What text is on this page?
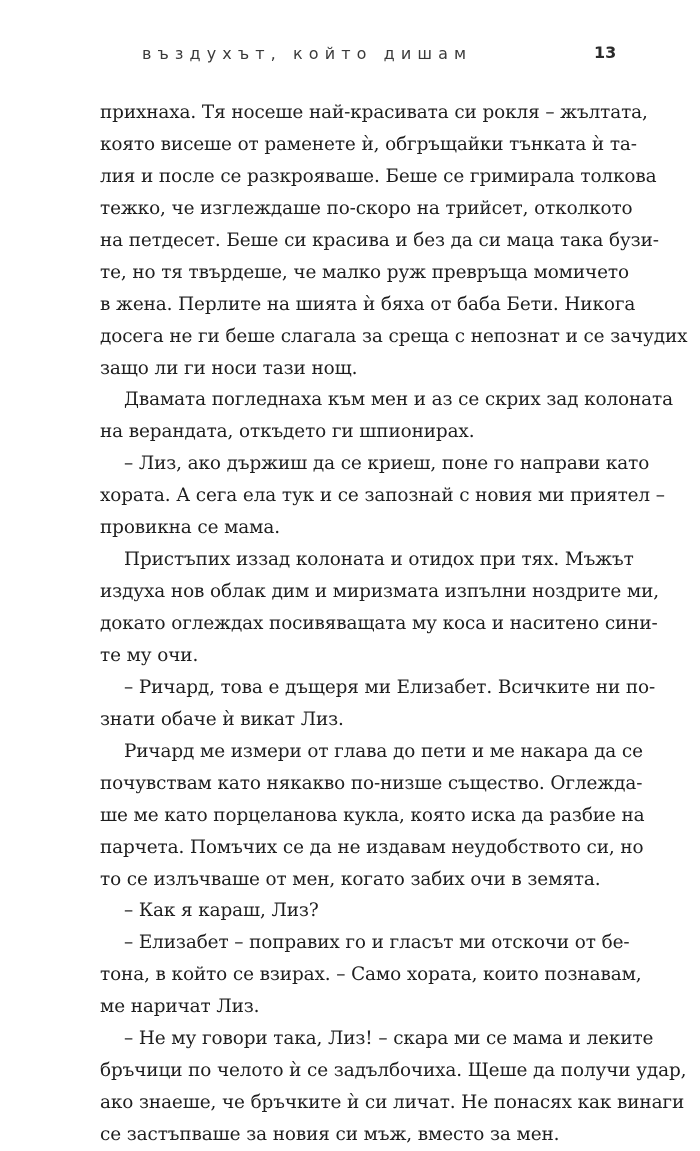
въздухът, който дишам	13
прихнаха. Тя носеше най-красивата си рокля – жълтата,
която висеше от раменете ѝ, обгръщайки тънката ѝ та-
лия и после се разкрояваше. Беше се гримирала толкова
тежко, че изглеждаше по-скоро на трийсет, отколкото
на петдесет. Беше си красива и без да си маца така бузи-
те, но тя твърдеше, че малко руж превръща момичето
в жена. Перлите на шията ѝ бяха от баба Бети. Никога
досега не ги беше слагала за среща с непознат и се зачудих
защо ли ги носи тази нощ.
Двамата погледнаха към мен и аз се скрих зад колоната
на верандата, откъдето ги шпионирах.
– Лиз, ако държиш да се криеш, поне го направи като
хората. А сега ела тук и се запознай с новия ми приятел –
провикна се мама.
Пристъпих иззад колоната и отидох при тях. Мъжът
издуха нов облак дим и миризмата изпълни ноздрите ми,
докато оглеждах посивяващата му коса и наситено сини-
те му очи.
– Ричард, това е дъщеря ми Елизабет. Всичките ни по-
знати обаче ѝ викат Лиз.
Ричард ме измери от глава до пети и ме накара да се
почувствам като някакво по-низше същество. Оглежда-
ше ме като порцеланова кукла, която иска да разбие на
парчета. Помъчих се да не издавам неудобството си, но
то се излъчваше от мен, когато забих очи в земята.
– Как я караш, Лиз?
– Елизабет – поправих го и гласът ми отскочи от бе-
тона, в който се взирах. – Само хората, които познавам,
ме наричат Лиз.
– Не му говори така, Лиз! – скара ми се мама и леките
бръчици по челото ѝ се задълбочиха. Щеше да получи удар,
ако знаеше, че бръчките ѝ си личат. Не понасях как винаги
се застъпваше за новия си мъж, вместо за мен.
